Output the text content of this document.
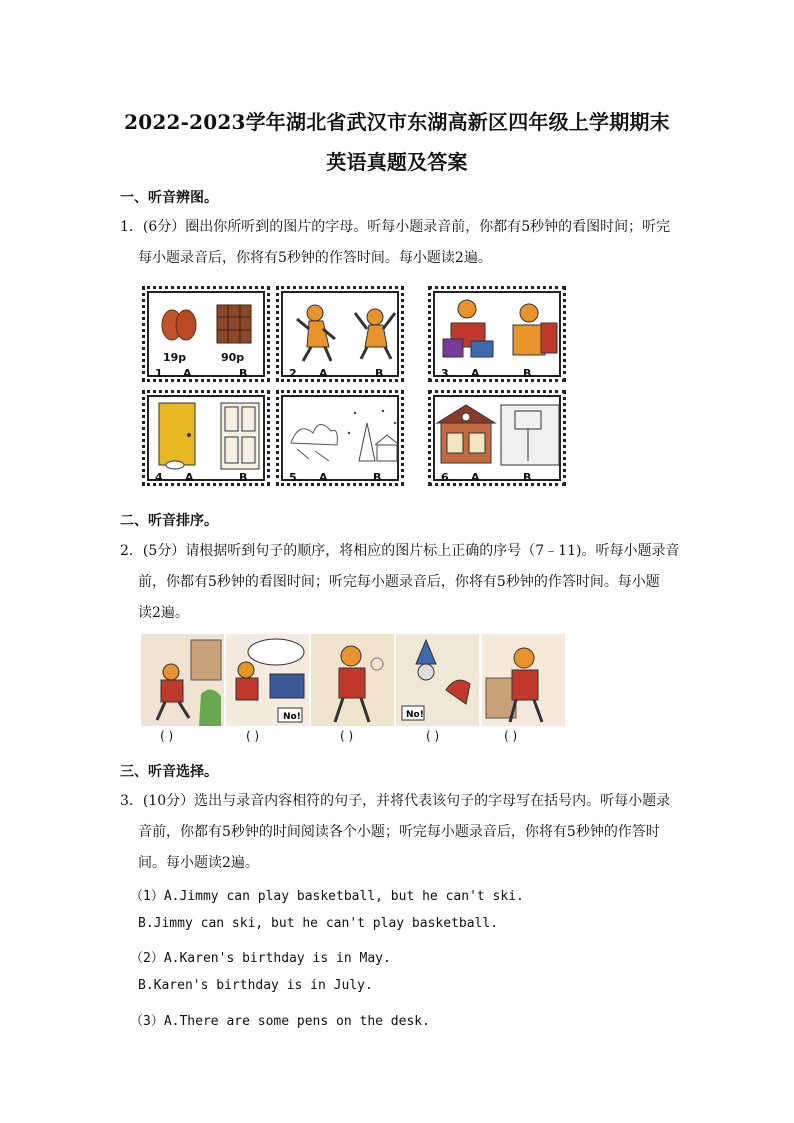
2022-2023学年湖北省武汉市东湖高新区四年级上学期期末
英语真题及答案
一、听音辨图。
1．(6分）圈出你所听到的图片的字母。听每小题录音前，你都有5秒钟的看图时间；听完
每小题录音后，你将有5秒钟的作答时间。每小题读2遍。
19p	90p
1. A	B	2. A	B	3. A	B
4. A	B	5. A	B	6. A	B
二、听音排序。
2．(5分）请根据听到句子的顺序，将相应的图片标上正确的序号（7﹣11)。听每小题录音
前，你都有5秒钟的看图时间；听完每小题录音后，你将有5秒钟的作答时间。每小题
读2遍。
No!	No!
( )	( )	( )	( )	( )
三、听音选择。
3．(10分）选出与录音内容相符的句子，并将代表该句子的字母写在括号内。听每小题录
音前，你都有5秒钟的时间阅读各个小题；听完每小题录音后，你将有5秒钟的作答时
间。每小题读2遍。
（1）A.Jimmy can play basketball, but he can't ski.
B.Jimmy can ski, but he can't play basketball.
（2）A.Karen's birthday is in May.
B.Karen's birthday is in July.
（3）A.There are some pens on the desk.
